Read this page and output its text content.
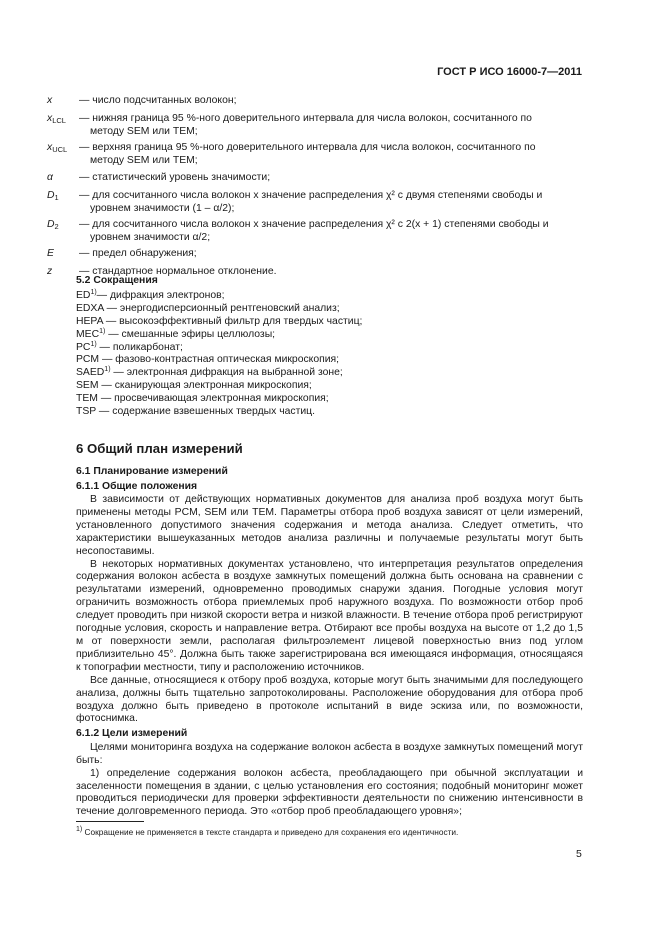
ГОСТ Р ИСО 16000-7—2011
x	— число подсчитанных волокон;
$x_{LCL}$	— нижняя граница 95 %-ного доверительного интервала для числа волокон, сосчитанного по
методу SEM или TEM;
$x_{UCL}$	— верхняя граница 95 %-ного доверительного интервала для числа волокон, сосчитанного по
методу SEM или TEM;
α	— статистический уровень значимости;
$D_1$	— для сосчитанного числа волокон x значение распределения χ² с двумя степенями свободы и
уровнем значимости (1 – α/2);
$D_2$	— для сосчитанного числа волокон x значение распределения χ² с 2(x + 1) степенями свободы и
уровнем значимости α/2;
E	— предел обнаружения;
z	— стандартное нормальное отклонение.
5.2 Сокращения
ED$^{1)}$— дифракция электронов;
EDXA — энергодисперсионный рентгеновский анализ;
HEPA — высокоэффективный фильтр для твердых частиц;
MEC$^{1)}$ — смешанные эфиры целлюлозы;
PC$^{1)}$ — поликарбонат;
PCM — фазово-контрастная оптическая микроскопия;
SAED$^{1)}$ — электронная дифракция на выбранной зоне;
SEM — сканирующая электронная микроскопия;
TEM — просвечивающая электронная микроскопия;
TSP — содержание взвешенных твердых частиц.
6 Общий план измерений
6.1 Планирование измерений
6.1.1 Общие положения

В зависимости от действующих нормативных документов для анализа проб воздуха могут быть применены методы PCM, SEM или TEM. Параметры отбора проб воздуха зависят от цели измерений, установленного допустимого значения содержания и метода анализа. Следует отметить, что характеристики вышеуказанных методов анализа различны и получаемые результаты могут быть несопоставимы.

В некоторых нормативных документах установлено, что интерпретация результатов определения содержания волокон асбеста в воздухе замкнутых помещений должна быть основана на сравнении с результатами измерений, одновременно проводимых снаружи здания. Погодные условия могут ограничить возможность отбора приемлемых проб наружного воздуха. По возможности отбор проб следует проводить при низкой скорости ветра и низкой влажности. В течение отбора проб регистрируют погодные условия, скорость и направление ветра. Отбирают все пробы воздуха на высоте от 1,2 до 1,5 м от поверхности земли, располагая фильтроэлемент лицевой поверхностью вниз под углом приблизительно 45°. Должна быть также зарегистрирована вся имеющаяся информация, относящаяся к топографии местности, типу и расположению источников.

Все данные, относящиеся к отбору проб воздуха, которые могут быть значимыми для последующего анализа, должны быть тщательно запротоколированы. Расположение оборудования для отбора проб воздуха должно быть приведено в протоколе испытаний в виде эскиза или, по возможности, фотоснимка.

6.1.2 Цели измерений

Целями мониторинга воздуха на содержание волокон асбеста в воздухе замкнутых помещений могут быть:

1) определение содержания волокон асбеста, преобладающего при обычной эксплуатации и заселенности помещения в здании, с целью установления его состояния; подобный мониторинг может проводиться периодически для проверки эффективности деятельности по снижению интенсивности в течение долговременного периода. Это «отбор проб преобладающего уровня»;

$^{1)}$ Сокращение не применяется в тексте стандарта и приведено для сохранения его идентичности.
5
